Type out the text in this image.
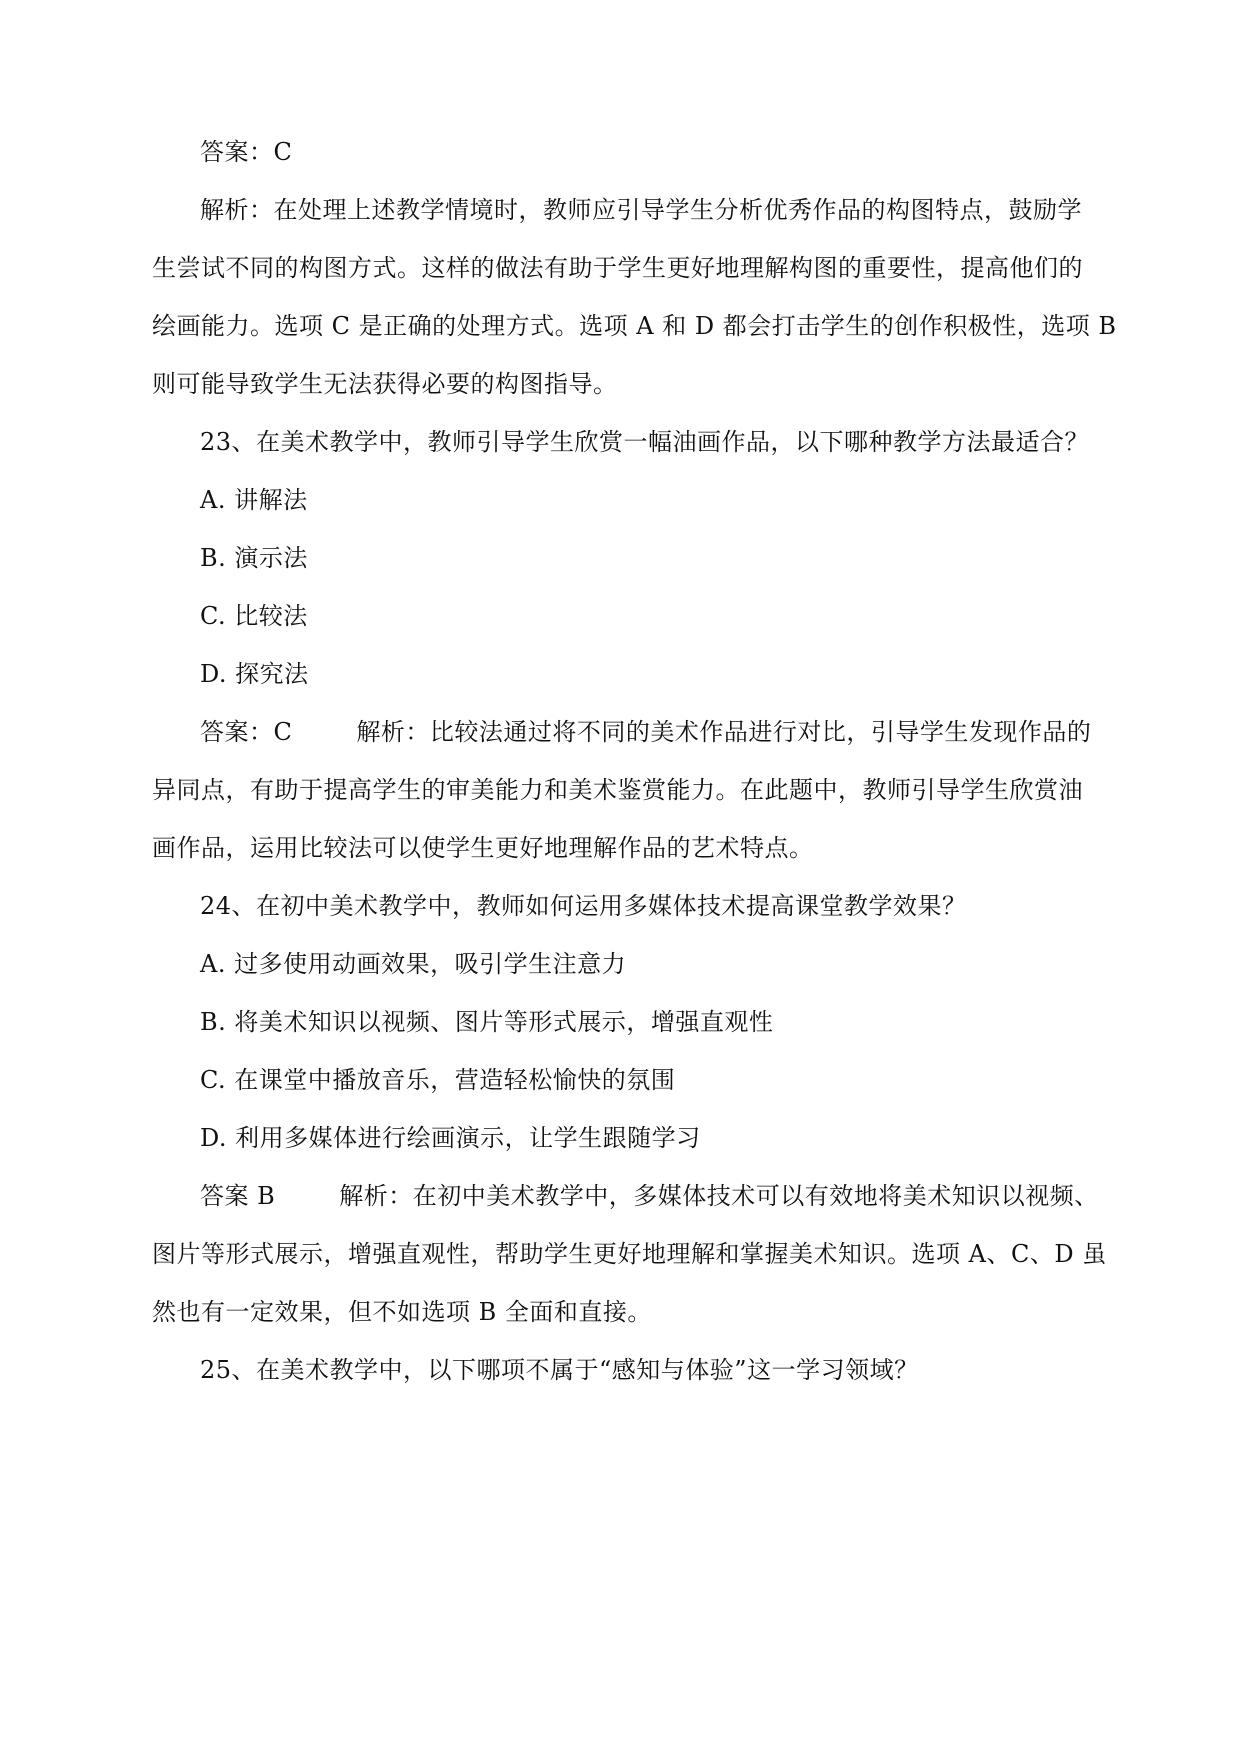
答案：C
解析：在处理上述教学情境时，教师应引导学生分析优秀作品的构图特点，鼓励学
生尝试不同的构图方式。这样的做法有助于学生更好地理解构图的重要性，提高他们的
绘画能力。选项 C 是正确的处理方式。选项 A 和 D 都会打击学生的创作积极性，选项 B
则可能导致学生无法获得必要的构图指导。
23、在美术教学中，教师引导学生欣赏一幅油画作品，以下哪种教学方法最适合？
A. 讲解法
B. 演示法
C. 比较法
D. 探究法
答案：C	解析：比较法通过将不同的美术作品进行对比，引导学生发现作品的
异同点，有助于提高学生的审美能力和美术鉴赏能力。在此题中，教师引导学生欣赏油
画作品，运用比较法可以使学生更好地理解作品的艺术特点。
24、在初中美术教学中，教师如何运用多媒体技术提高课堂教学效果？
A. 过多使用动画效果，吸引学生注意力
B. 将美术知识以视频、图片等形式展示，增强直观性
C. 在课堂中播放音乐，营造轻松愉快的氛围
D. 利用多媒体进行绘画演示，让学生跟随学习
答案 B	解析：在初中美术教学中，多媒体技术可以有效地将美术知识以视频、
图片等形式展示，增强直观性，帮助学生更好地理解和掌握美术知识。选项 A、C、D 虽
然也有一定效果，但不如选项 B 全面和直接。
25、在美术教学中，以下哪项不属于“感知与体验”这一学习领域？
